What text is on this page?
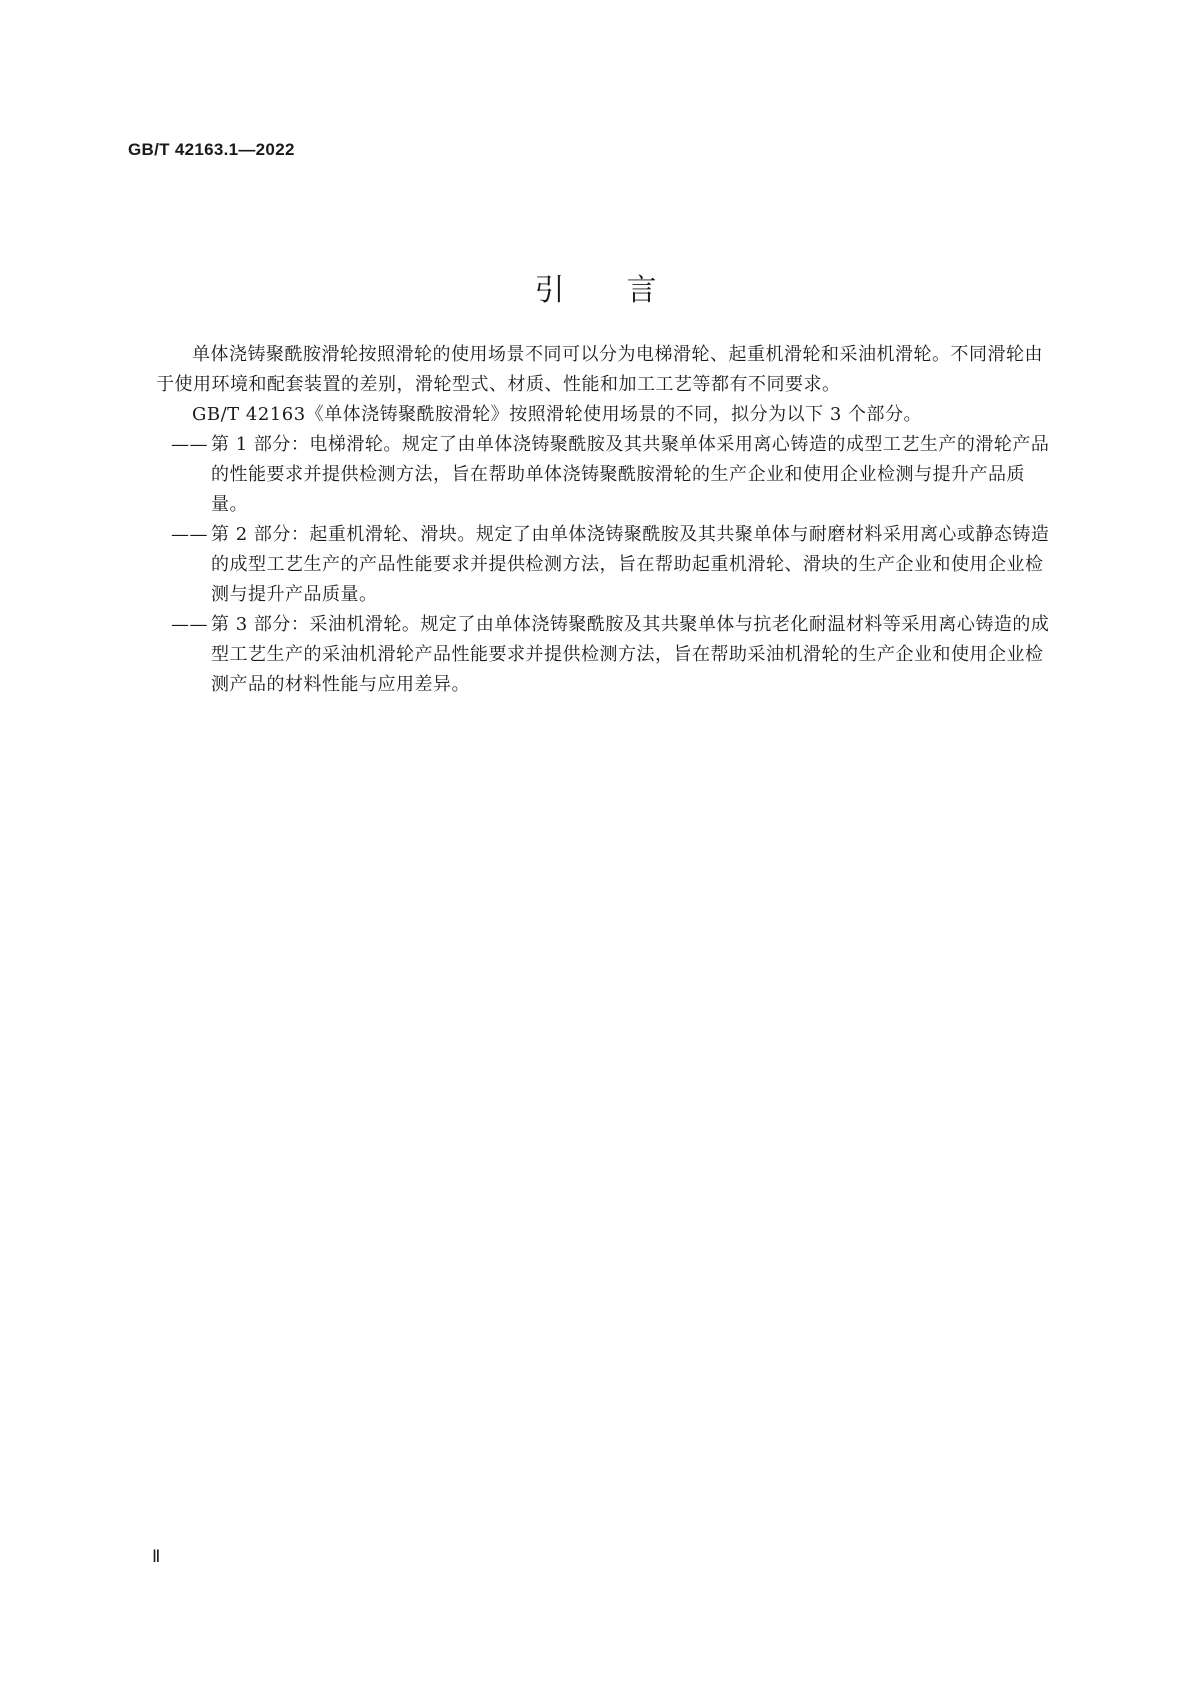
GB/T 42163.1—2022
引言

单体浇铸聚酰胺滑轮按照滑轮的使用场景不同可以分为电梯滑轮、起重机滑轮和采油机滑轮。不同滑轮由于使用环境和配套装置的差别，滑轮型式、材质、性能和加工工艺等都有不同要求。

GB/T 42163《单体浇铸聚酰胺滑轮》按照滑轮使用场景的不同，拟分为以下 3 个部分。

—— 第 1 部分：电梯滑轮。规定了由单体浇铸聚酰胺及其共聚单体采用离心铸造的成型工艺生产的滑轮产品的性能要求并提供检测方法，旨在帮助单体浇铸聚酰胺滑轮的生产企业和使用企业检测与提升产品质量。
—— 第 2 部分：起重机滑轮、滑块。规定了由单体浇铸聚酰胺及其共聚单体与耐磨材料采用离心或静态铸造的成型工艺生产的产品性能要求并提供检测方法，旨在帮助起重机滑轮、滑块的生产企业和使用企业检测与提升产品质量。
—— 第 3 部分：采油机滑轮。规定了由单体浇铸聚酰胺及其共聚单体与抗老化耐温材料等采用离心铸造的成型工艺生产的采油机滑轮产品性能要求并提供检测方法，旨在帮助采油机滑轮的生产企业和使用企业检测产品的材料性能与应用差异。
Ⅱ
